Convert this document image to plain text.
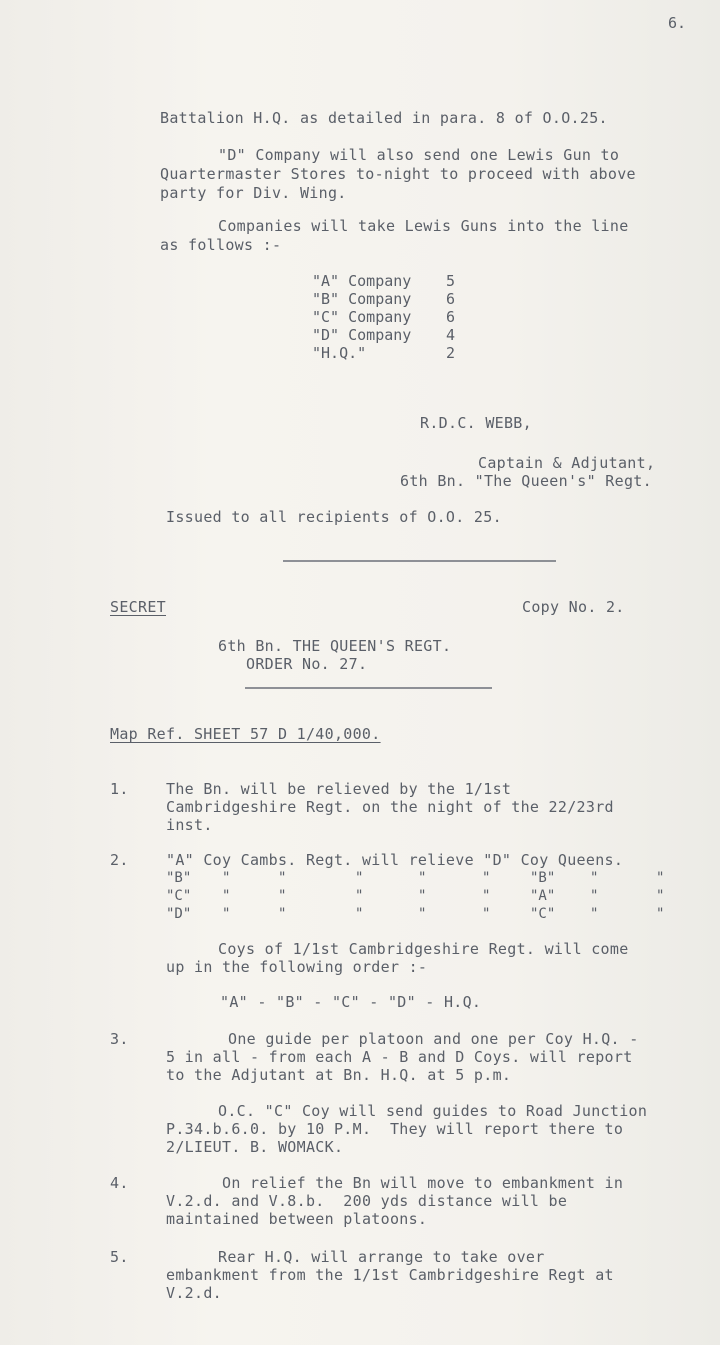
6.
Battalion H.Q. as detailed in para. 8 of O.O.25.
"D" Company will also send one Lewis Gun to
Quartermaster Stores to-night to proceed with above
party for Div. Wing.
Companies will take Lewis Guns into the line
as follows :-
"A" Company 5
"B" Company 6
"C" Company 6
"D" Company 4
"H.Q."	2
R.D.C. WEBB,
Captain & Adjutant,
6th Bn. "The Queen's" Regt.
Issued to all recipients of O.O. 25.
SECRET	Copy No. 2.
6th Bn. THE QUEEN'S REGT.
ORDER No. 27.
Map Ref. SHEET 57 D 1/40,000.
1. The Bn. will be relieved by the 1/1st
Cambridgeshire Regt. on the night of the 22/23rd
inst.
2. "A" Coy Cambs. Regt. will relieve "D" Coy Queens.
"B" "	"	"	"	"	"B" "	"
"C" "	"	"	"	"	"A" "	"
"D" "	"	"	"	"	"C" "	"
Coys of 1/1st Cambridgeshire Regt. will come
up in the following order :-
"A" - "B" - "C" - "D" - H.Q.
3.	One guide per platoon and one per Coy H.Q. -
5 in all - from each A - B and D Coys. will report
to the Adjutant at Bn. H.Q. at 5 p.m.
O.C. "C" Coy will send guides to Road Junction
P.34.b.6.0. by 10 P.M.  They will report there to
2/LIEUT. B. WOMACK.
4.	On relief the Bn will move to embankment in
V.2.d. and V.8.b.  200 yds distance will be
maintained between platoons.
5.	Rear H.Q. will arrange to take over
embankment from the 1/1st Cambridgeshire Regt at
V.2.d.
